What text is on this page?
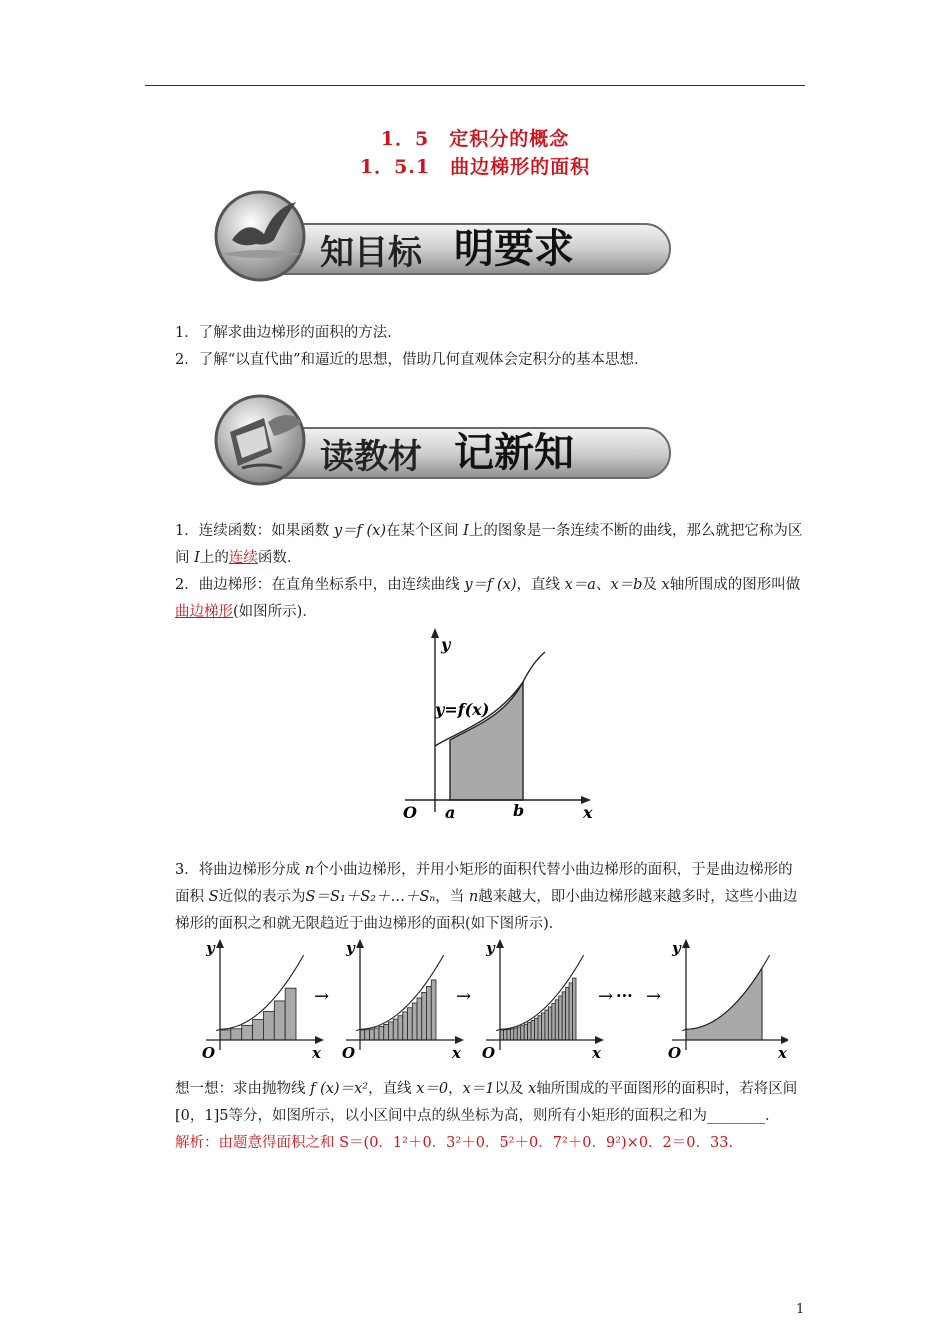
1．5　定积分的概念
1．5.1　曲边梯形的面积
知目标 明要求
1．了解求曲边梯形的面积的方法．
2．了解“以直代曲”和逼近的思想，借助几何直观体会定积分的基本思想．
读教材 记新知
1．连续函数：如果函数 y＝f (x)在某个区间 I上的图象是一条连续不断的曲线，那么就把它称为区间 I上的连续函数．
2．曲边梯形：在直角坐标系中，由连续曲线 y＝f (x)，直线 x＝a、x＝b及 x轴所围成的图形叫做曲边梯形(如图所示)．
y=f(x)
y
O a	b	x
3．将曲边梯形分成 n个小曲边梯形，并用小矩形的面积代替小曲边梯形的面积，于是曲边梯形的面积 S近似的表示为S＝S₁＋S₂＋…＋Sₙ，当 n越来越大，即小曲边梯形越来越多时，这些小曲边梯形的面积之和就无限趋近于曲边梯形的面积(如下图所示)．
y
O	x
y
O	x
y
O	x
y
O	x
→	→	→ ··· →
想一想：求由抛物线 f (x)＝x²，直线 x＝0，x＝1以及 x轴所围成的平面图形的面积时，若将区间[0，1]5等分，如图所示，以小区间中点的纵坐标为高，则所有小矩形的面积之和为________．
解析：由题意得面积之和 S＝(0．1²＋0．3²＋0．5²＋0．7²＋0．9²)×0．2＝0．33.
1
